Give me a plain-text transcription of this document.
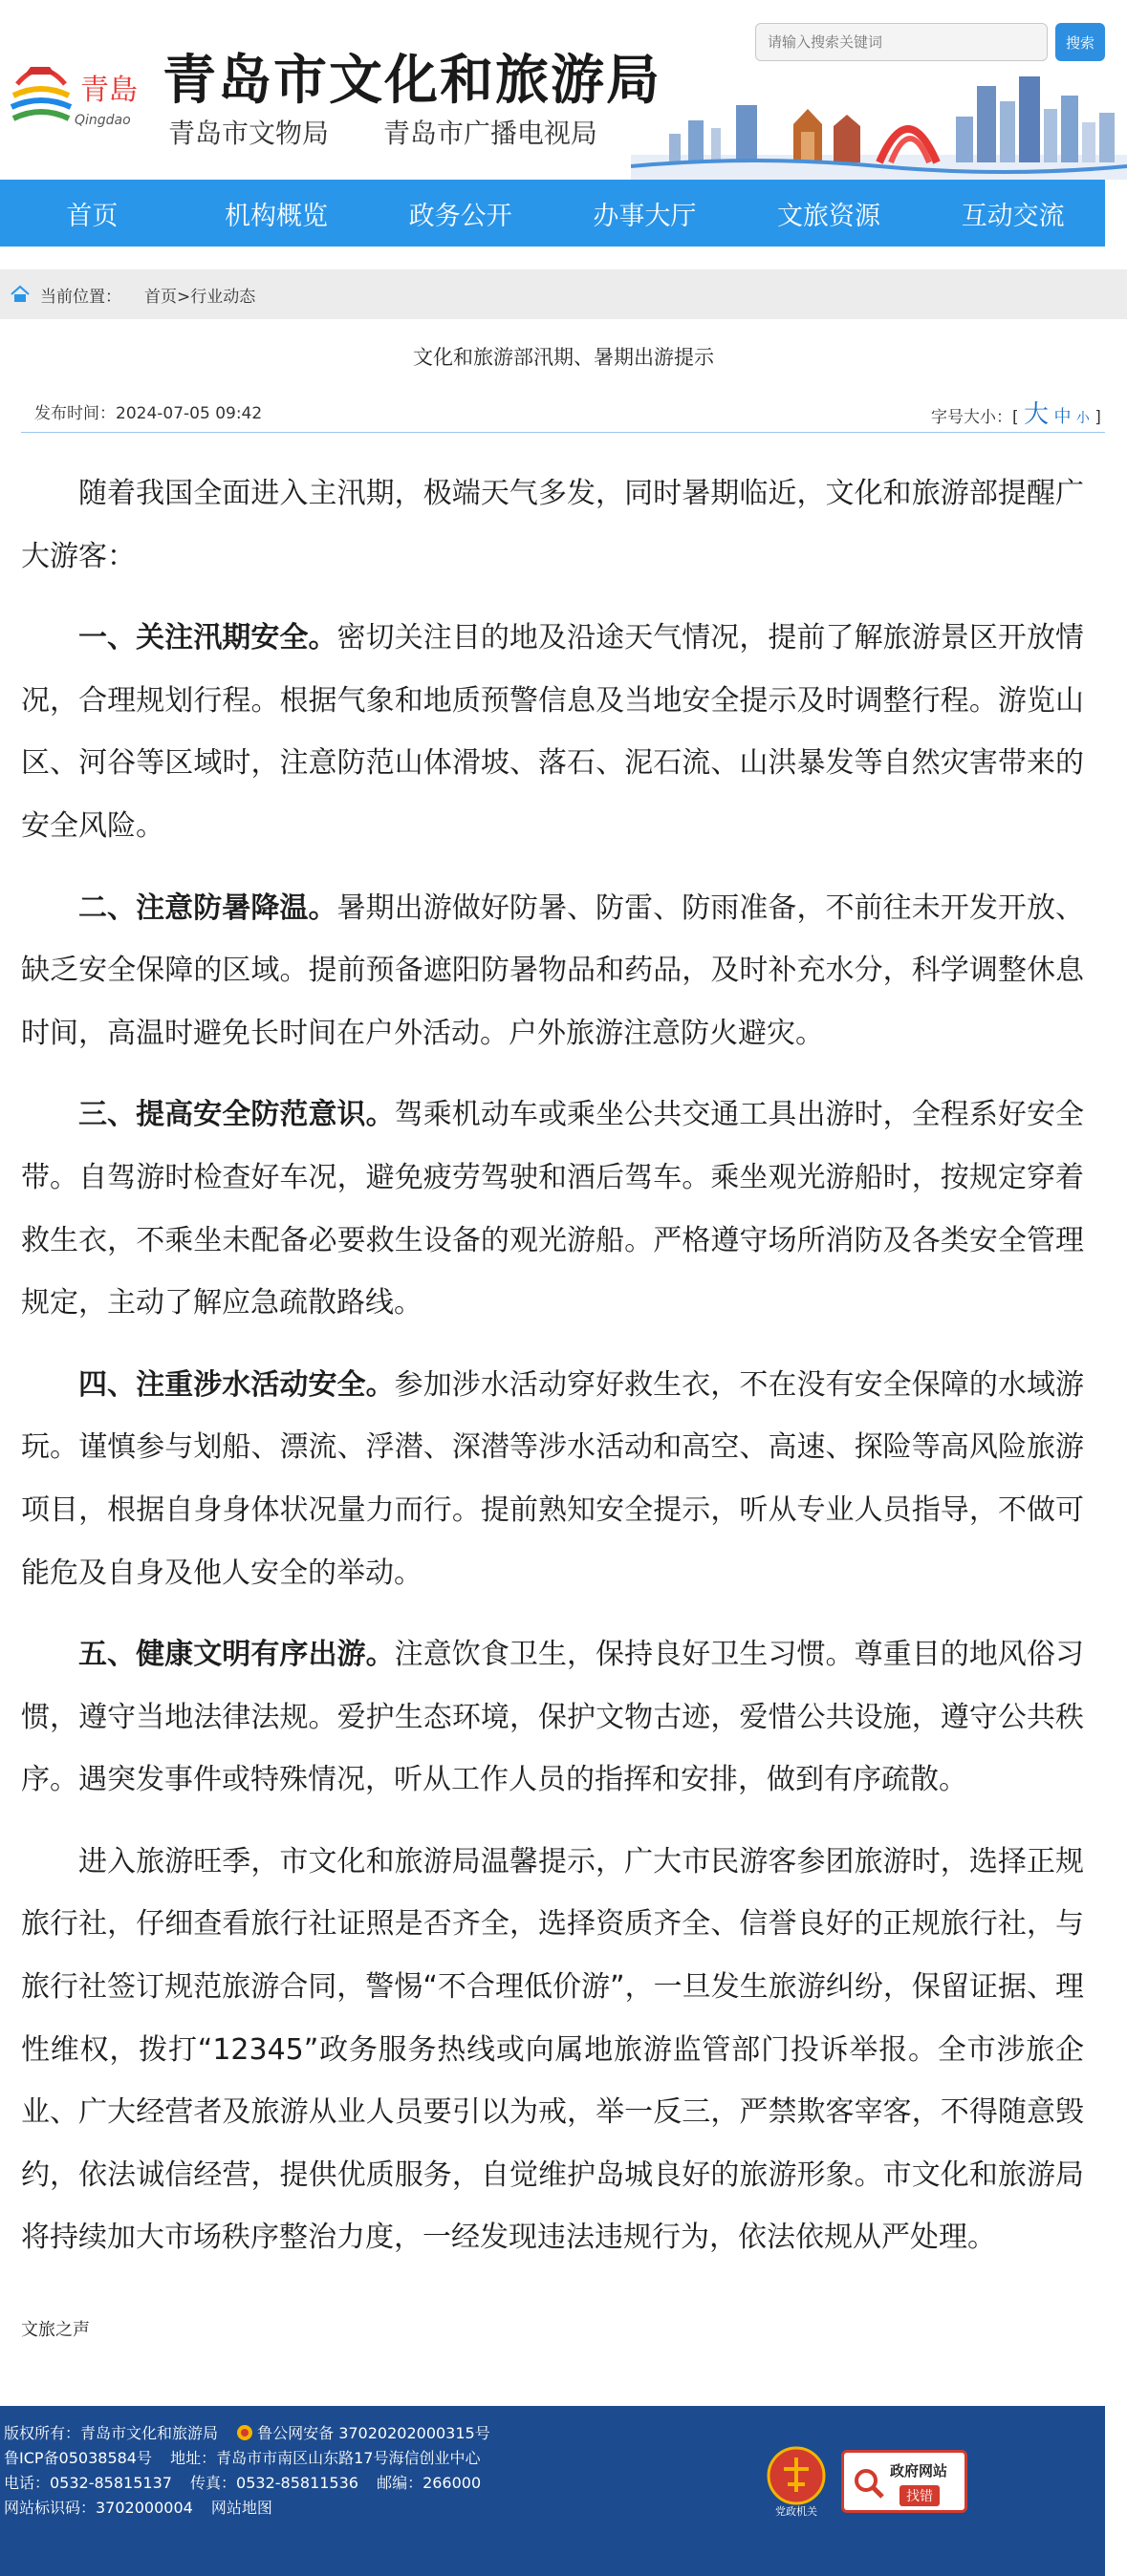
青島
Qingdao
青岛市文化和旅游局
青岛市文物局 青岛市广播电视局
请输入搜索关键词
搜索
首页	机构概览	政务公开	办事大厅	文旅资源	互动交流
当前位置： 首页>行业动态
文化和旅游部汛期、暑期出游提示
发布时间：2024-07-05 09:42	字号大小：[ 大 中 小 ]

随着我国全面进入主汛期，极端天气多发，同时暑期临近，文化和旅游部提醒广大游客：

一、关注汛期安全。密切关注目的地及沿途天气情况，提前了解旅游景区开放情况，合理规划行程。根据气象和地质预警信息及当地安全提示及时调整行程。游览山区、河谷等区域时，注意防范山体滑坡、落石、泥石流、山洪暴发等自然灾害带来的安全风险。

二、注意防暑降温。暑期出游做好防暑、防雷、防雨准备，不前往未开发开放、缺乏安全保障的区域。提前预备遮阳防暑物品和药品，及时补充水分，科学调整休息时间，高温时避免长时间在户外活动。户外旅游注意防火避灾。

三、提高安全防范意识。驾乘机动车或乘坐公共交通工具出游时，全程系好安全带。自驾游时检查好车况，避免疲劳驾驶和酒后驾车。乘坐观光游船时，按规定穿着救生衣，不乘坐未配备必要救生设备的观光游船。严格遵守场所消防及各类安全管理规定，主动了解应急疏散路线。

四、注重涉水活动安全。参加涉水活动穿好救生衣，不在没有安全保障的水域游玩。谨慎参与划船、漂流、浮潜、深潜等涉水活动和高空、高速、探险等高风险旅游项目，根据自身身体状况量力而行。提前熟知安全提示，听从专业人员指导，不做可能危及自身及他人安全的举动。

五、健康文明有序出游。注意饮食卫生，保持良好卫生习惯。尊重目的地风俗习惯，遵守当地法律法规。爱护生态环境，保护文物古迹，爱惜公共设施，遵守公共秩序。遇突发事件或特殊情况，听从工作人员的指挥和安排，做到有序疏散。

进入旅游旺季，市文化和旅游局温馨提示，广大市民游客参团旅游时，选择正规旅行社，仔细查看旅行社证照是否齐全，选择资质齐全、信誉良好的正规旅行社，与旅行社签订规范旅游合同，警惕“不合理低价游”，一旦发生旅游纠纷，保留证据、理性维权，拨打“12345”政务服务热线或向属地旅游监管部门投诉举报。全市涉旅企业、广大经营者及旅游从业人员要引以为戒，举一反三，严禁欺客宰客，不得随意毁约，依法诚信经营，提供优质服务，自觉维护岛城良好的旅游形象。市文化和旅游局将持续加大市场秩序整治力度，一经发现违法违规行为，依法依规从严处理。

文旅之声
版权所有：青岛市文化和旅游局	鲁公网安备 37020202000315号
鲁ICP备05038584号 地址：青岛市市南区山东路17号海信创业中心
电话：0532-85815137 传真：0532-85811536 邮编：266000
网站标识码：3702000004 网站地图	党政机关
政府网站
找错
